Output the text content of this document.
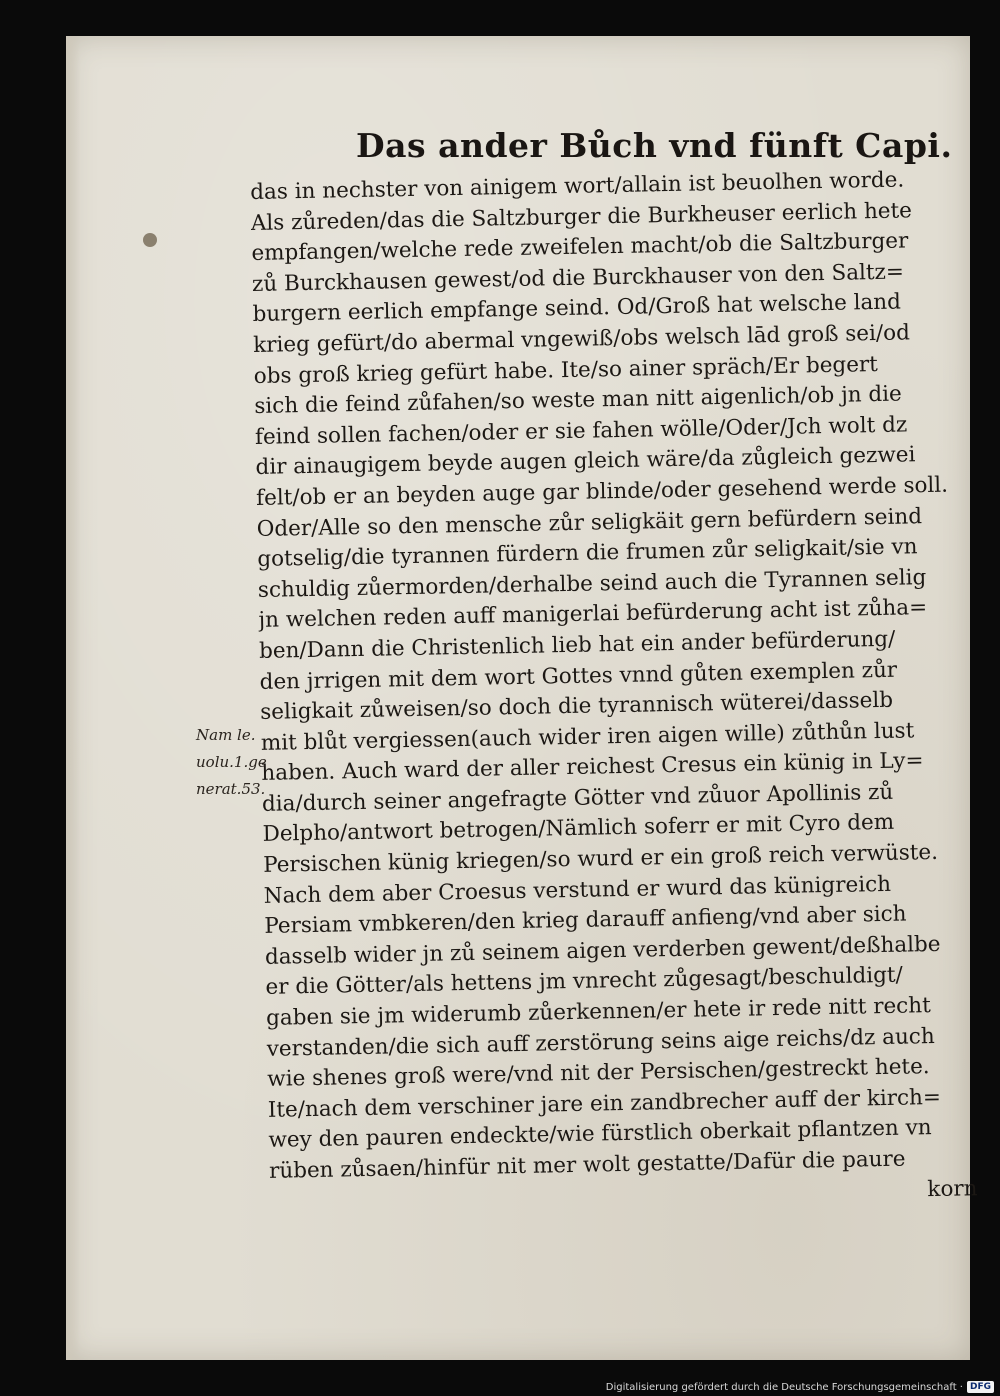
Das ander Bůch vnd fünft Capi.
das in nechster von ainigem wort/allain ist beuolhen worde.
Als zůreden/das die Saltzburger die Burkheuser eerlich hete
empfangen/welche rede zweifelen macht/ob die Saltzburger
zů Burckhausen gewest/od die Burckhauser von den Saltz=
burgern eerlich empfange seind. Od/Groß hat welsche land
krieg gefürt/do abermal vngewiß/obs welsch lād groß sei/od
obs groß krieg gefürt habe. Ite/so ainer spräch/Er begert
sich die feind zůfahen/so weste man nitt aigenlich/ob jn die
feind sollen fachen/oder er sie fahen wölle/Oder/Jch wolt dz
dir ainaugigem beyde augen gleich wäre/da zůgleich gezwei
felt/ob er an beyden auge gar blinde/oder gesehend werde soll.
Oder/Alle so den mensche zůr seligkäit gern befürdern seind
gotselig/die tyrannen fürdern die frumen zůr seligkait/sie vn
schuldig zůermorden/derhalbe seind auch die Tyrannen selig
jn welchen reden auff manigerlai befürderung acht ist zůha=
ben/Dann die Christenlich lieb hat ein ander befürderung/
den jrrigen mit dem wort Gottes vnnd gůten exemplen zůr
seligkait zůweisen/so doch die tyrannisch wüterei/dasselb
mit blůt vergiessen(auch wider iren aigen wille) zůthůn lust
haben. Auch ward der aller reichest Cresus ein künig in Ly=
dia/durch seiner angefragte Götter vnd zůuor Apollinis zů
Delpho/antwort betrogen/Nämlich soferr er mit Cyro dem
Persischen künig kriegen/so wurd er ein groß reich verwüste.
Nach dem aber Croesus verstund er wurd das künigreich
Persiam vmbkeren/den krieg darauff anfieng/vnd aber sich
dasselb wider jn zů seinem aigen verderben gewent/deßhalbe
er die Götter/als hettens jm vnrecht zůgesagt/beschuldigt/
gaben sie jm widerumb zůerkennen/er hete ir rede nitt recht
verstanden/die sich auff zerstörung seins aige reichs/dz auch
wie shenes groß were/vnd nit der Persischen/gestreckt hete.
Ite/nach dem verschiner jare ein zandbrecher auff der kirch=
wey den pauren endeckte/wie fürstlich oberkait pflantzen vn
rüben zůsaen/hinfür nit mer wolt gestatte/Dafür die paure
korn
Nam le.
uolu.1.ge
nerat.53.
Digitalisierung gefördert durch die Deutsche Forschungsgemeinschaft · DFG
